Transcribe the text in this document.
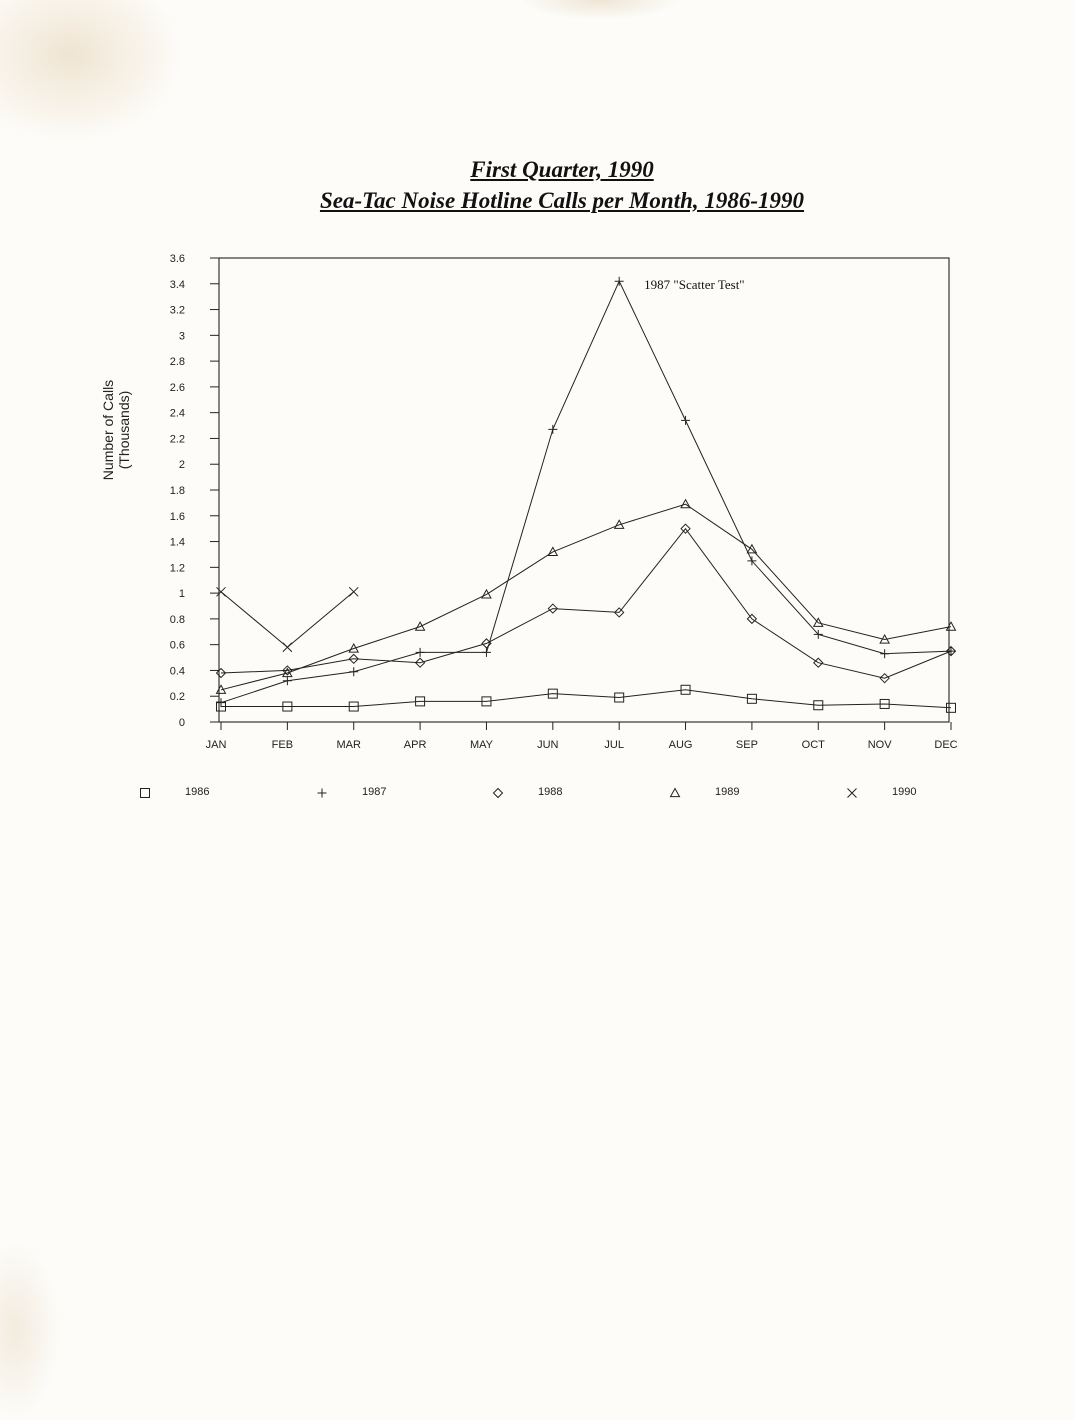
First Quarter, 1990
Sea-Tac Noise Hotline Calls per Month, 1986-1990
Number of Calls (Thousands)
0
0.2
0.4
0.6
0.8
1
1.2
1.4
1.6
1.8
2
2.2
2.4
2.6
2.8
3
3.2
3.4
3.6
JAN	FEB	MAR	APR	MAY	JUN	JUL	AUG	SEP	OCT	NOV	DEC
1987 "Scatter Test"
1986	1987	1988	1989	1990
